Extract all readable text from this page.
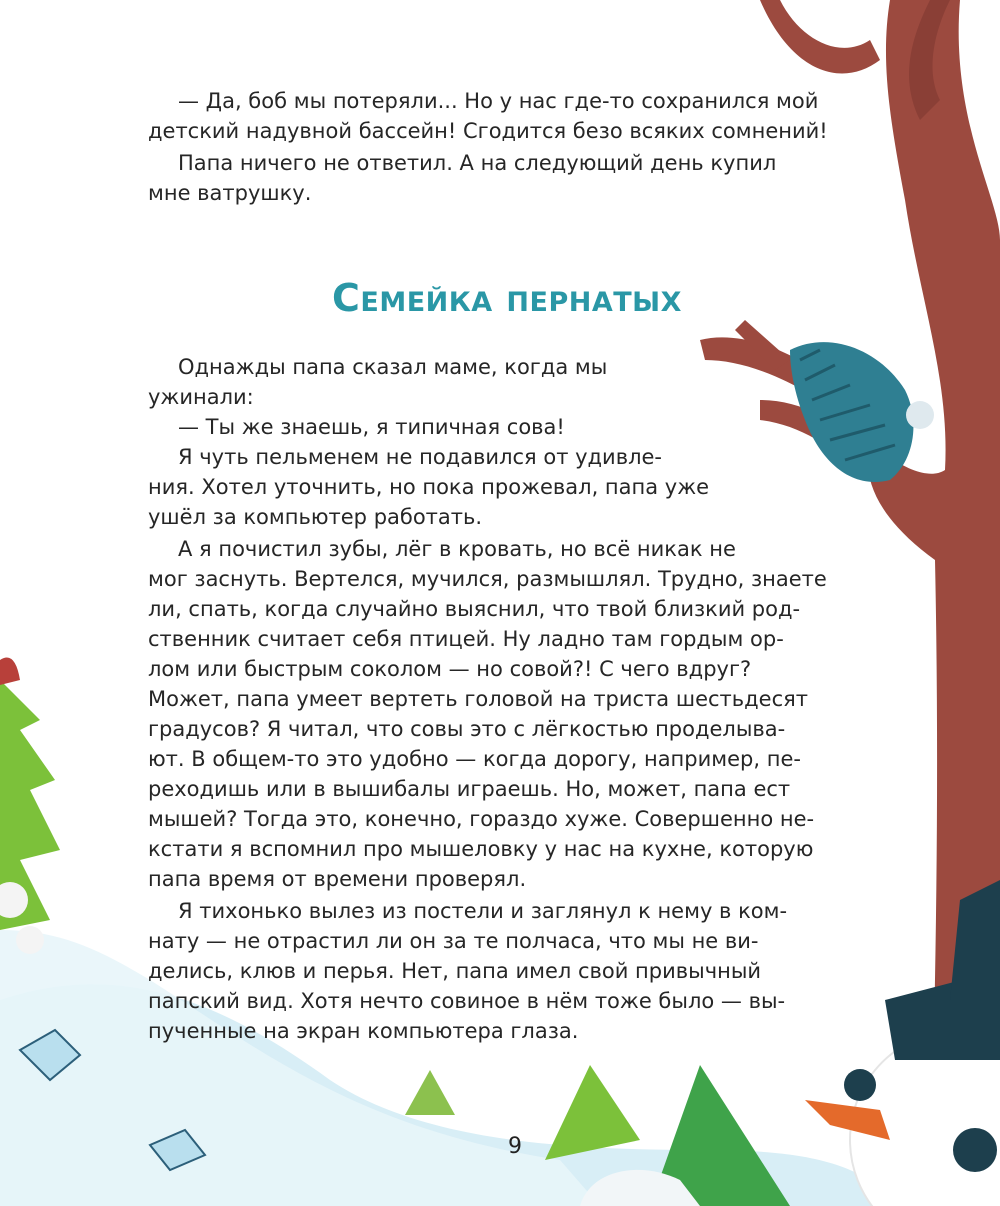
— Да, боб мы потеряли... Но у нас где-то сохранился мой
детский надувной бассейн! Сгодится безо всяких сомнений!
Папа ничего не ответил. А на следующий день купил
мне ватрушку.
Семейка пернатых
Однажды папа сказал маме, когда мы
ужинали:
— Ты же знаешь, я типичная сова!
Я чуть пельменем не подавился от удивле-
ния. Хотел уточнить, но пока прожевал, папа уже
ушёл за компьютер работать.
А я почистил зубы, лёг в кровать, но всё никак не
мог заснуть. Вертелся, мучился, размышлял. Трудно, знаете
ли, спать, когда случайно выяснил, что твой близкий род-
ственник считает себя птицей. Ну ладно там гордым ор-
лом или быстрым соколом — но совой?! С чего вдруг?
Может, папа умеет вертеть головой на триста шестьдесят
градусов? Я читал, что совы это с лёгкостью проделыва-
ют. В общем-то это удобно — когда дорогу, например, пе-
реходишь или в вышибалы играешь. Но, может, папа ест
мышей? Тогда это, конечно, гораздо хуже. Совершенно не-
кстати я вспомнил про мышеловку у нас на кухне, которую
папа время от времени проверял.
Я тихонько вылез из постели и заглянул к нему в ком-
нату — не отрастил ли он за те полчаса, что мы не ви-
делись, клюв и перья. Нет, папа имел свой привычный
папский вид. Хотя нечто совиное в нём тоже было — вы-
пученные на экран компьютера глаза.
9
